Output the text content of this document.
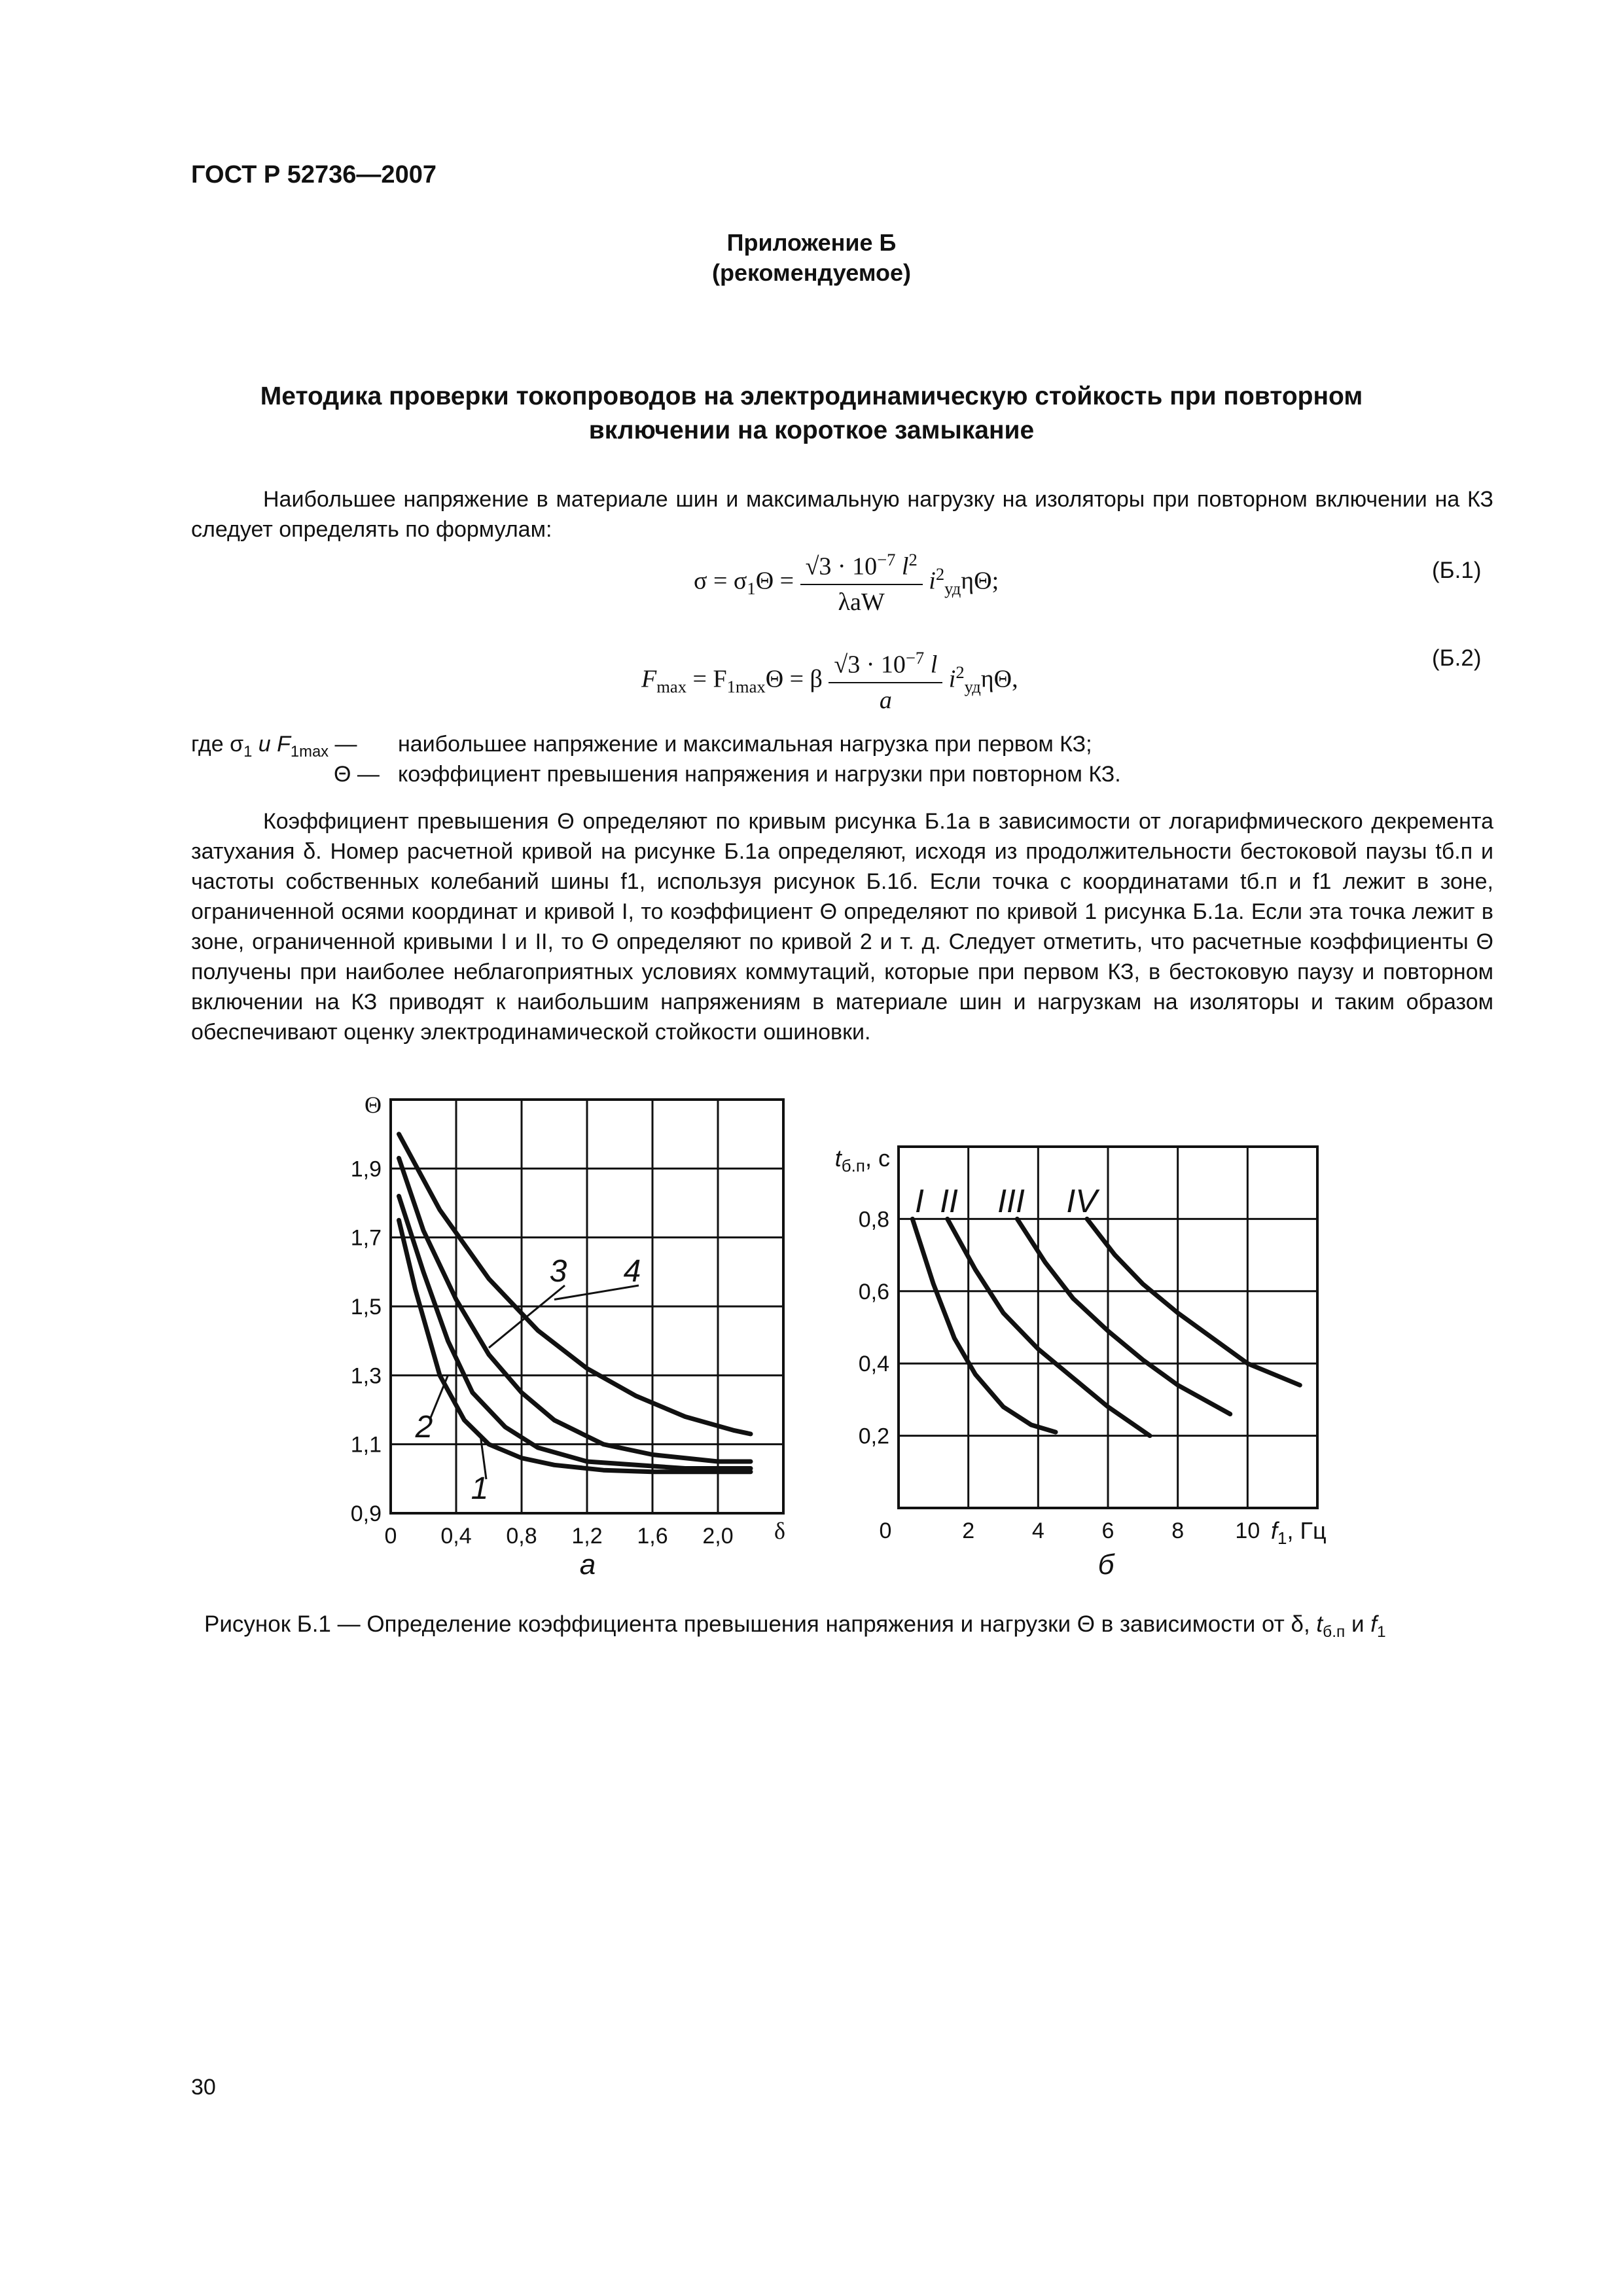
ГОСТ Р 52736—2007
Приложение Б
(рекомендуемое)
Методика проверки токопроводов на электродинамическую стойкость при повторном включении на короткое замыкание
Наибольшее напряжение в материале шин и максимальную нагрузку на изоляторы при повторном включении на КЗ следует определять по формулам:
$\sigma = \sigma_1\Theta = \frac{√3 \cdot 10^{-7} l^2}{\text{λaW}} i^2_{уд}\eta\Theta$;	(Б.1)
$F_{max} = F_{1max}\Theta = \beta \frac{√3 \cdot 10^{-7} l}{a} i^2_{уд}\eta\Theta$,
(Б.2)
где $\sigma_1$ и $F_{1max}$ — наибольшее напряжение и максимальная нагрузка при первом КЗ;
Θ — коэффициент превышения напряжения и нагрузки при повторном КЗ.
Коэффициент превышения Θ определяют по кривым рисунка Б.1а в зависимости от логарифмического декремента затухания δ. Номер расчетной кривой на рисунке Б.1а определяют, исходя из продолжительности бестоковой паузы tб.п и частоты собственных колебаний шины f1, используя рисунок Б.1б. Если точка с координатами tб.п и f1 лежит в зоне, ограниченной осями координат и кривой I, то коэффициент Θ определяют по кривой 1 рисунка Б.1а. Если эта точка лежит в зоне, ограниченной кривыми I и II, то Θ определяют по кривой 2 и т. д. Следует отметить, что расчетные коэффициенты Θ получены при наиболее неблагоприятных условиях коммутаций, которые при первом КЗ, в бестоковую паузу и повторном включении на КЗ приводят к наибольшим напряжениям в материале шин и нагрузкам на изоляторы и таким образом обеспечивают оценку электродинамической стойкости ошиновки.
0 0,4 0,8 1,2 1,6 2,0
0,9
1,1
1,3
1,5
1,7
1,9
δ
Θ
1
2
3 4
а
0	2	4	6	8 10
0,2
0,4
0,6
0,8
$f_1$, Гц
$t_{б.п}$, с
I II III IV
б
Рисунок Б.1 — Определение коэффициента превышения напряжения и нагрузки Θ в зависимости от δ, $t_{б.п}$ и $f_1$
30
